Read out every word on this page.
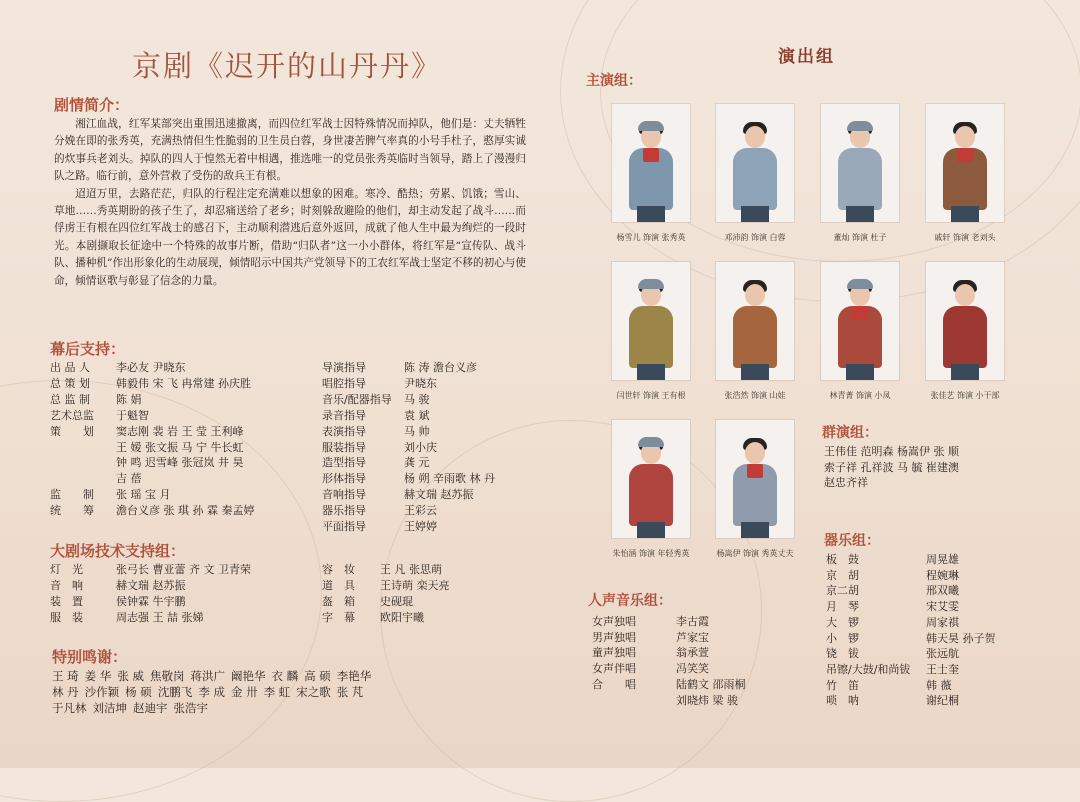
京剧《迟开的山丹丹》
剧情简介：

湘江血战，红军某部突出重围迅速撤离，而四位红军战士因特殊情况而掉队，他们是：丈夫牺牲分娩在即的张秀英，充满热情但生性脆弱的卫生员白蓉，身世凄苦脾气率真的小号手杜子，憨厚实诚的炊事兵老刘头。掉队的四人于惶然无着中相遇，推选唯一的党员张秀英临时当领导，踏上了漫漫归队之路。临行前，意外营救了受伤的敌兵王有根。

迢迢万里，去路茫茫，归队的行程注定充满难以想象的困难。寒冷、酷热；劳累、饥饿；雪山、草地……秀英期盼的孩子生了，却忍痛送给了老乡；时刻躲敌避险的他们，却主动发起了战斗……而俘虏王有根在四位红军战士的感召下，主动顺利潜逃后意外返回，成就了他人生中最为绚烂的一段时光。本剧撷取长征途中一个特殊的故事片断，借助“归队者”这一小小群体，将红军是“宣传队、战斗队、播种机”作出形象化的生动展现，倾情昭示中国共产党领导下的工农红军战士坚定不移的初心与使命，倾情讴歌与彰显了信念的力量。

幕后支持：
出 品 人	李必友 尹晓东
总 策 划	韩毅伟 宋 飞 冉常建 孙庆胜
总 监 制	陈 娟
艺术总监	于魁智
策　　划	窦志刚 裴 岩 王 莹 王利峰
王 嫒 张文振 马 宁 牛长虹
钟 鸣 迟雪峰 张冠岚 井 昊
吉 蓓
监　　制	张 瑶 宝 月
统　　筹	澹台义彦 张 琪 孙 霖 秦孟婷
导演指导	陈 涛 澹台义彦
唱腔指导	尹晓东
音乐/配器指导	马 骏
录音指导	袁 斌
表演指导	马 帅
服装指导	刘小庆
造型指导	龚 元
形体指导	杨 朔 辛雨歌 林 丹
音响指导	赫文瑞 赵苏振
器乐指导	王彩云
平面指导	王婷婷
大剧场技术支持组：
灯　光	张弓长 曹亚蕾 齐 文 卫青荣
音　响	赫文瑞 赵苏振
装　置	侯钟霖 牛宇鹏
服　装	周志强 王 喆 张娣
容　妆	王 凡 张思萌
道　具	王诗萌 栾天亮
盔　箱	史砚琨
字　幕	欧阳宇曦
特别鸣谢：
王 琦 姜 华 张 威 焦敬岗 蒋洪广 阚艳华 衣 麟 高 硕 李艳华
林 丹 沙作颖 杨 硕 沈鹏飞 李 成 金 卅 李 虹 宋之歌 张 芃
于凡林 刘洁坤 赵迪宇 张浩宇
演出组
主演组：
杨雪儿 饰演 张秀英	邓沛韵 饰演 白蓉	董灿 饰演 杜子	戚轩 饰演 老刘头
闫世轩 饰演 王有根	张浩然 饰演 山娃	林青菁 饰演 小凤	张佳艺 饰演 小干部
朱怡涵 饰演 年轻秀英	杨嵩伊 饰演 秀英丈夫
群演组：
王伟佳 范明森 杨嵩伊 张 顺
索子祥 孔祥波 马 毓 崔建澳
赵忠齐祥
人声音乐组：
女声独唱	李古霞
男声独唱	芦家宝
童声独唱	翁承萱
女声伴唱	冯笑笑
合　　唱	陆鹤文 邵雨桐
刘晓炜 梁 骏
器乐组：
板　鼓	周晃雄
京　胡	程婉琳
京二胡	邢双曦
月　琴	宋艾雯
大　锣	周家祺
小　锣	韩天昊 孙子贺
铙　钹	张远航
吊镲/大鼓/和尚钹	王士奎
竹　笛	韩 薇
唢　呐	谢纪桐
